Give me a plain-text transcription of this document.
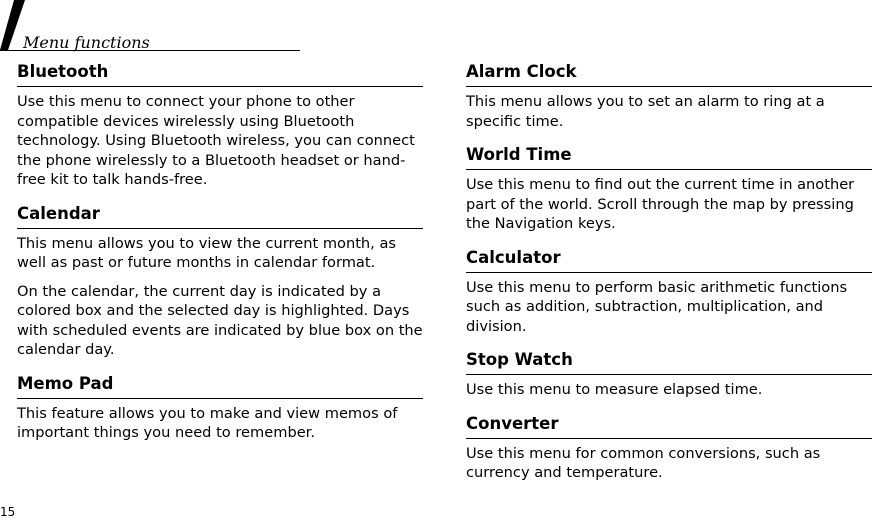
Menu functions
Bluetooth

Use this menu to connect your phone to other compatible devices wirelessly using Bluetooth technology. Using Bluetooth wireless, you can connect the phone wirelessly to a Bluetooth headset or hand-free kit to talk hands-free.

Calendar

This menu allows you to view the current month, as well as past or future months in calendar format.

On the calendar, the current day is indicated by a colored box and the selected day is highlighted. Days with scheduled events are indicated by blue box on the calendar day.

Memo Pad

This feature allows you to make and view memos of important things you need to remember.

Alarm Clock

This menu allows you to set an alarm to ring at a specific time.

World Time

Use this menu to find out the current time in another part of the world. Scroll through the map by pressing the Navigation keys.

Calculator

Use this menu to perform basic arithmetic functions such as addition, subtraction, multiplication, and division.

Stop Watch

Use this menu to measure elapsed time.

Converter

Use this menu for common conversions, such as currency and temperature.

15
